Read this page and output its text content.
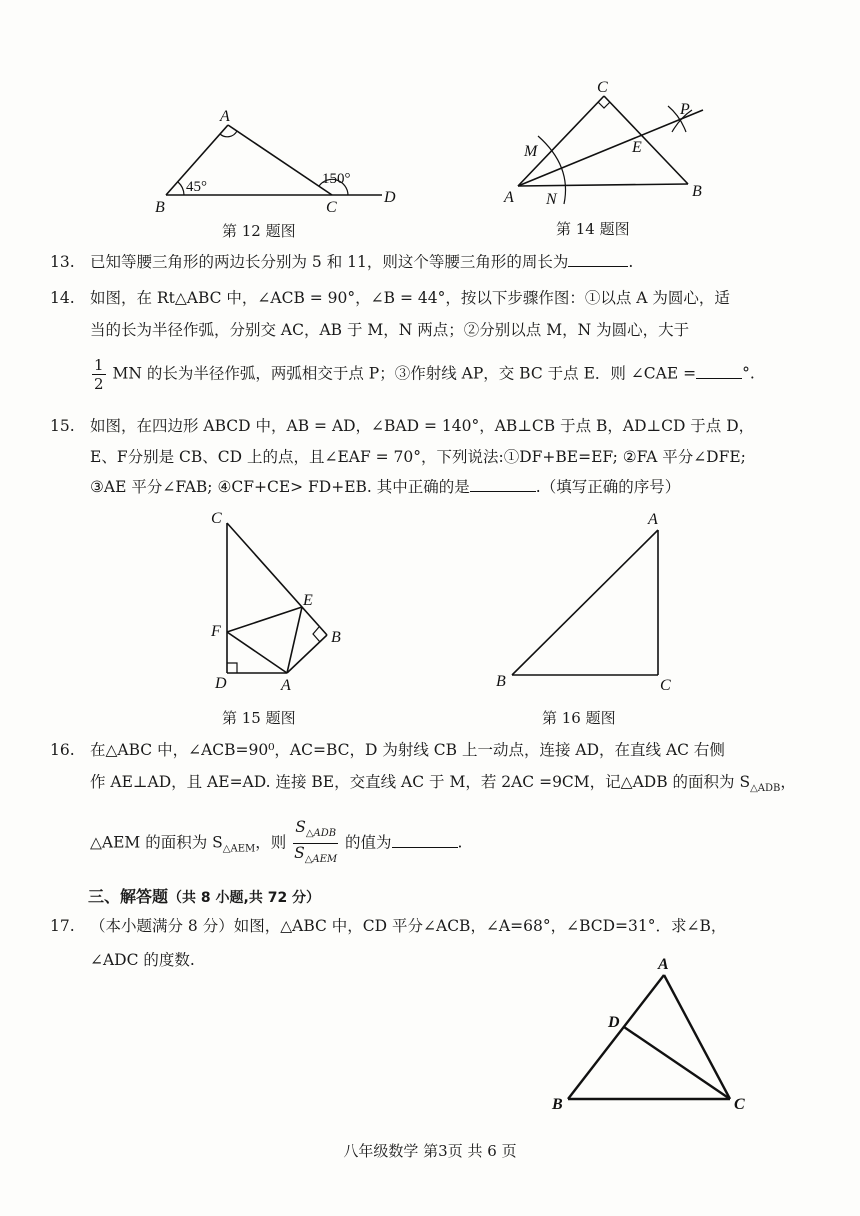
A
B	C
D
45°	150°
第 12 题图
C
P
E
M
A N	B
第 14 题图
13. 已知等腰三角形的两边长分别为 5 和 11，则这个等腰三角形的周长为	.
14. 如图，在 Rt△ABC 中，∠ACB = 90°，∠B = 44°，按以下步骤作图：①以点 A 为圆心，适
当的长为半径作弧，分别交 AC，AB 于 M，N 两点；②分别以点 M，N 为圆心，大于
$\frac{1}{2}$ MN 的长为半径作弧，两弧相交于点 P；③作射线 AP，交 BC 于点 E．则 ∠CAE =	°.
15. 如图，在四边形 ABCD 中，AB = AD，∠BAD = 140°，AB⊥CB 于点 B，AD⊥CD 于点 D，
E、F分别是 CB、CD 上的点，且∠EAF = 70°，下列说法:①DF+BE=EF; ②FA 平分∠DFE;
③AE 平分∠FAB; ④CF+CE> FD+EB. 其中正确的是	.（填写正确的序号）
C
E
F	B
D	A
第 15 题图
A
B	C
第 16 题图
16. 在△ABC 中，∠ACB=90⁰，AC=BC，D 为射线 CB 上一动点，连接 AD，在直线 AC 右侧
作 AE⊥AD，且 AE=AD. 连接 BE，交直线 AC 于 M，若 2AC =9CM，记△ADB 的面积为 $S_{\triangle ADB}$，
△AEM 的面积为 $S_{\triangle AEM}$，则 $\frac{S_{\triangle ADB}}{S_{\triangle AEM}}$ 的值为	.
三、解答题（共 8 小题,共 72 分）
17. （本小题满分 8 分）如图，△ABC 中，CD 平分∠ACB，∠A=68°，∠BCD=31°．求∠B，
∠ADC 的度数.	A
D
B	C
八年级数学 第3页 共 6 页
